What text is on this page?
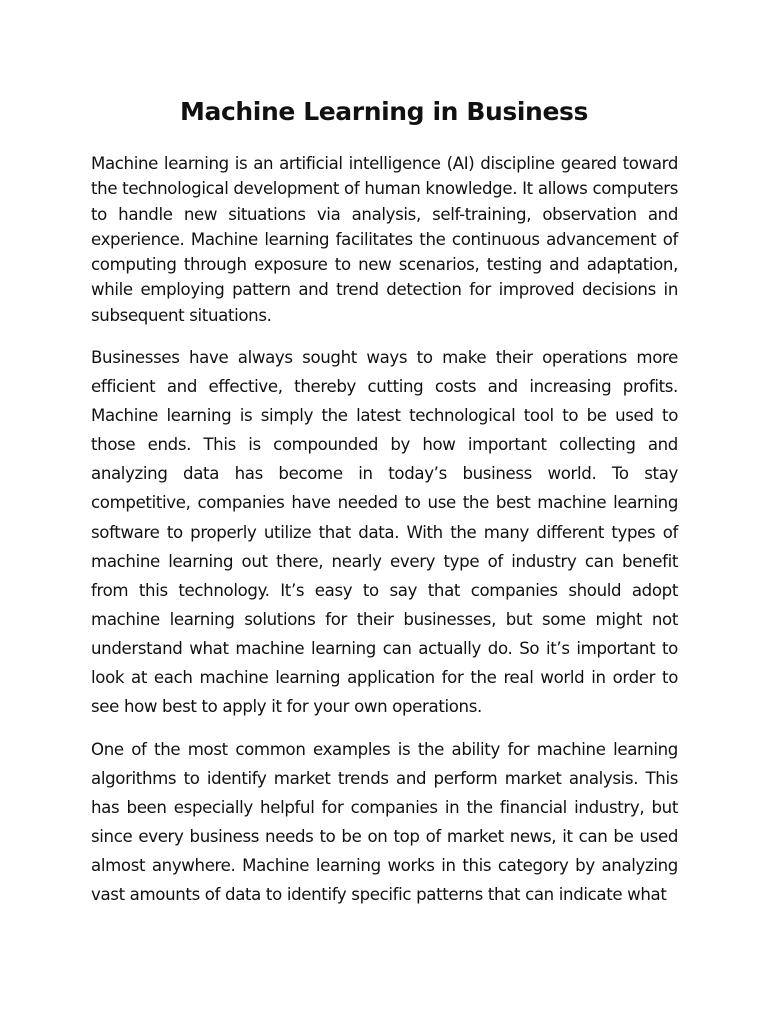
Machine Learning in Business

Machine learning is an artificial intelligence (AI) discipline geared toward the technological development of human knowledge. It allows computers to handle new situations via analysis, self-training, observation and experience. Machine learning facilitates the continuous advancement of computing through exposure to new scenarios, testing and adaptation, while employing pattern and trend detection for improved decisions in subsequent situations.

Businesses have always sought ways to make their operations more efficient and effective, thereby cutting costs and increasing profits. Machine learning is simply the latest technological tool to be used to those ends. This is compounded by how important collecting and analyzing data has become in today’s business world. To stay competitive, companies have needed to use the best machine learning software to properly utilize that data. With the many different types of machine learning out there, nearly every type of industry can benefit from this technology. It’s easy to say that companies should adopt machine learning solutions for their businesses, but some might not understand what machine learning can actually do. So it’s important to look at each machine learning application for the real world in order to see how best to apply it for your own operations.

One of the most common examples is the ability for machine learning algorithms to identify market trends and perform market analysis. This has been especially helpful for companies in the financial industry, but since every business needs to be on top of market news, it can be used almost anywhere. Machine learning works in this category by analyzing vast amounts of data to identify specific patterns that can indicate what
